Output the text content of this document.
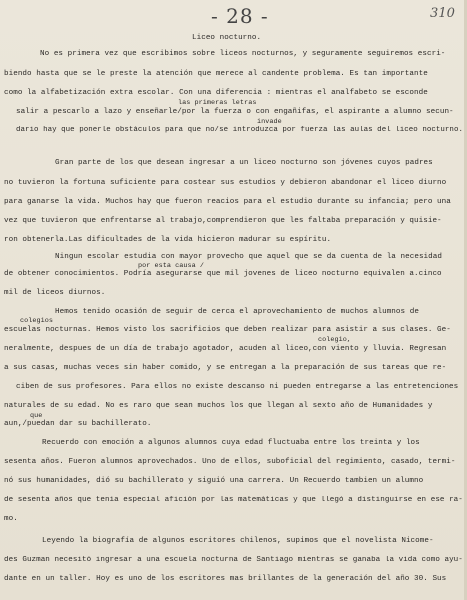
- 28 -	310
Liceo nocturno.
No es primera vez que escribimos sobre liceos nocturnos, y seguramente seguiremos escri-
biendo hasta que se le preste la atención que merece al candente problema. Es tan importante
como la alfabetización extra escolar. Con una diferencia : mientras el analfabeto se esconde
las primeras letras
salir a pescarlo a lazo y enseñarle/por la fuerza o con engañifas, el aspirante a alumno secun-
invade
dario hay que ponerle obstáculos para que no/se introduzca por fuerza las aulas del liceo nocturno.
Gran parte de los que desean ingresar a un liceo nocturno son jóvenes cuyos padres
no tuvieron la fortuna suficiente para costear sus estudios y debieron abandonar el liceo diurno
para ganarse la vida. Muchos hay que fueron reacios para el estudio durante su infancia; pero una
vez que tuvieron que enfrentarse al trabajo,comprendieron que les faltaba preparación y quisie-
ron obtenerla.Las dificultades de la vida hicieron madurar su espíritu.
Ningun escolar estudia con mayor provecho que aquel que se da cuenta de la necesidad
por esta causa /
de obtener conocimientos. Podría asegurarse que mil jovenes de liceo nocturno equivalen a.cinco
mil de liceos diurnos.
Hemos tenido ocasión de seguir de cerca el aprovechamiento de muchos alumnos de
colegios
escuelas nocturnas. Hemos visto los sacrificios que deben realizar para asistir a sus clases. Ge-
colegio,
neralmente, despues de un día de trabajo agotador, acuden al liceo,con viento y lluvia. Regresan
a sus casas, muchas veces sin haber comido, y se entregan a la preparación de sus tareas que re-
ciben de sus profesores. Para ellos no existe descanso ni pueden entregarse a las entretenciones
naturales de su edad. No es raro que sean muchos los que llegan al sexto año de Humanidades y
que
aun,/puedan dar su bachillerato.
Recuerdo con emoción a algunos alumnos cuya edad fluctuaba entre los treinta y los
sesenta años. Fueron alumnos aprovechados. Uno de ellos, suboficial del regimiento, casado, termi-
nó sus humanidades, dió su bachillerato y siguió una carrera. Un Recuerdo tambien un alumno
de sesenta años que tenía especial afición por las matemáticas y que llegó a distinguirse en ese ra-
mo.
Leyendo la biografía de algunos escritores chilenos, supimos que el novelista Nicome-
des Guzman necesitó ingresar a una escuela nocturna de Santiago mientras se ganaba la vida como ayu-
dante en un taller. Hoy es uno de los escritores mas brillantes de la generación del año 30. Sus
